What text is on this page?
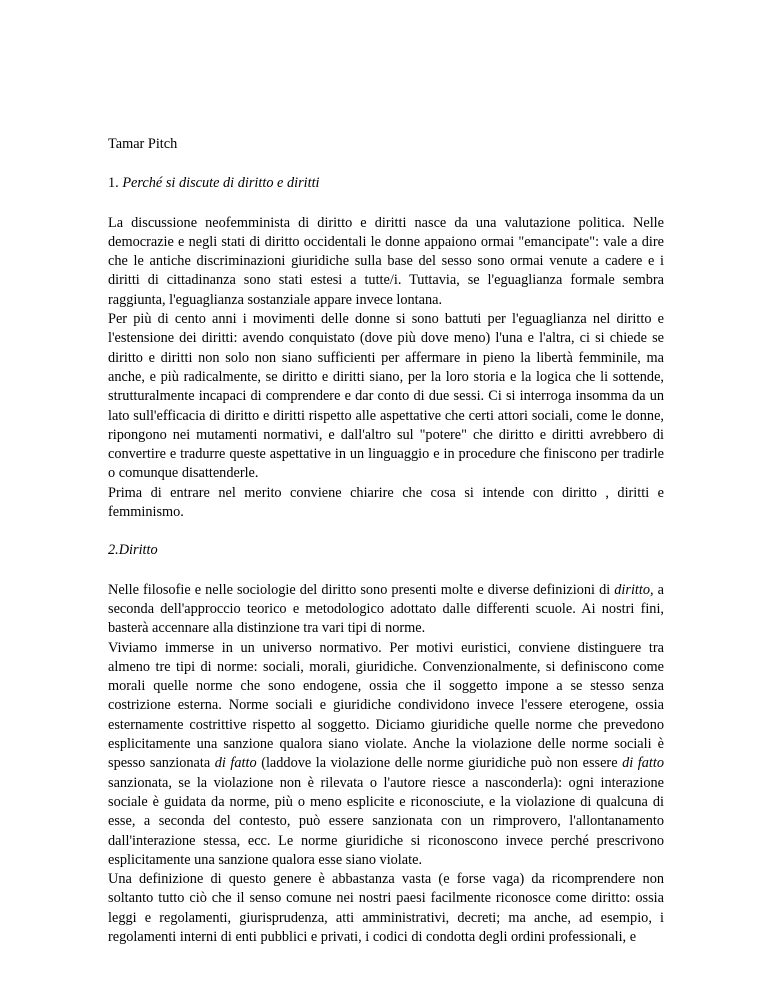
Tamar Pitch

1. Perché si discute di diritto e diritti

La discussione neofemminista di diritto e diritti nasce da una valutazione politica. Nelle democrazie e negli stati di diritto occidentali le donne appaiono ormai "emancipate": vale a dire che le antiche discriminazioni giuridiche sulla base del sesso sono ormai venute a cadere e i diritti di cittadinanza sono stati estesi a tutte/i. Tuttavia, se l'eguaglianza formale sembra raggiunta, l'eguaglianza sostanziale appare invece lontana.

Per più di cento anni i movimenti delle donne si sono battuti per l'eguaglianza nel diritto e l'estensione dei diritti: avendo conquistato (dove più dove meno) l'una e l'altra, ci si chiede se diritto e diritti non solo non siano sufficienti per affermare in pieno la libertà femminile, ma anche, e più radicalmente, se diritto e diritti siano, per la loro storia e la logica che li sottende, strutturalmente incapaci di comprendere e dar conto di due sessi. Ci si interroga insomma da un lato sull'efficacia di diritto e diritti rispetto alle aspettative che certi attori sociali, come le donne, ripongono nei mutamenti normativi, e dall'altro sul "potere" che diritto e diritti avrebbero di convertire e tradurre queste aspettative in un linguaggio e in procedure che finiscono per tradirle o comunque disattenderle.

Prima di entrare nel merito conviene chiarire che cosa si intende con diritto , diritti e femminismo.

2.Diritto

Nelle filosofie e nelle sociologie del diritto sono presenti molte e diverse definizioni di diritto, a seconda dell'approccio teorico e metodologico adottato dalle differenti scuole. Ai nostri fini, basterà accennare alla distinzione tra vari tipi di norme.

Viviamo immerse in un universo normativo. Per motivi euristici, conviene distinguere tra almeno tre tipi di norme: sociali, morali, giuridiche. Convenzionalmente, si definiscono come morali quelle norme che sono endogene, ossia che il soggetto impone a se stesso senza costrizione esterna. Norme sociali e giuridiche condividono invece l'essere eterogene, ossia esternamente costrittive rispetto al soggetto. Diciamo giuridiche quelle norme che prevedono esplicitamente una sanzione qualora siano violate. Anche la violazione delle norme sociali è spesso sanzionata di fatto (laddove la violazione delle norme giuridiche può non essere di fatto sanzionata, se la violazione non è rilevata o l'autore riesce a nasconderla): ogni interazione sociale è guidata da norme, più o meno esplicite e riconosciute, e la violazione di qualcuna di esse, a seconda del contesto, può essere sanzionata con un rimprovero, l'allontanamento dall'interazione stessa, ecc. Le norme giuridiche si riconoscono invece perché prescrivono esplicitamente una sanzione qualora esse siano violate.

Una definizione di questo genere è abbastanza vasta (e forse vaga) da ricomprendere non soltanto tutto ciò che il senso comune nei nostri paesi facilmente riconosce come diritto: ossia leggi e regolamenti, giurisprudenza, atti amministrativi, decreti; ma anche, ad esempio, i regolamenti interni di enti pubblici e privati, i codici di condotta degli ordini professionali, e
